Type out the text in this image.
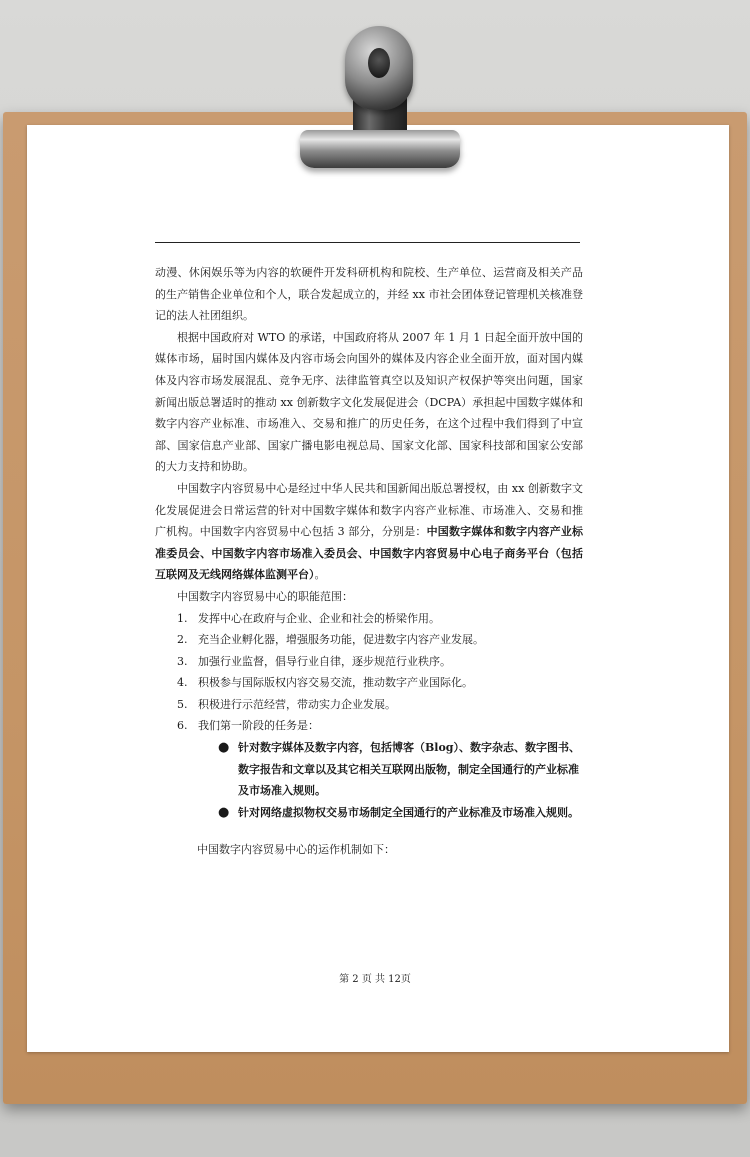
动漫、休闲娱乐等为内容的软硬件开发科研机构和院校、生产单位、运营商及相关产品的生产销售企业单位和个人，联合发起成立的，并经 xx 市社会团体登记管理机关核准登记的法人社团组织。

根据中国政府对 WTO 的承诺，中国政府将从 2007 年 1 月 1 日起全面开放中国的媒体市场，届时国内媒体及内容市场会向国外的媒体及内容企业全面开放，面对国内媒体及内容市场发展混乱、竞争无序、法律监管真空以及知识产权保护等突出问题，国家新闻出版总署适时的推动 xx 创新数字文化发展促进会（DCPA）承担起中国数字媒体和数字内容产业标准、市场准入、交易和推广的历史任务，在这个过程中我们得到了中宣部、国家信息产业部、国家广播电影电视总局、国家文化部、国家科技部和国家公安部的大力支持和协助。

中国数字内容贸易中心是经过中华人民共和国新闻出版总署授权，由 xx 创新数字文化发展促进会日常运营的针对中国数字媒体和数字内容产业标准、市场准入、交易和推广机构。中国数字内容贸易中心包括 3 部分，分别是：中国数字媒体和数字内容产业标准委员会、中国数字内容市场准入委员会、中国数字内容贸易中心电子商务平台（包括互联网及无线网络媒体监测平台）。

中国数字内容贸易中心的职能范围：

1. 发挥中心在政府与企业、企业和社会的桥梁作用。
2. 充当企业孵化器，增强服务功能，促进数字内容产业发展。
3. 加强行业监督，倡导行业自律，逐步规范行业秩序。
4. 积极参与国际版权内容交易交流，推动数字产业国际化。
5. 积极进行示范经营，带动实力企业发展。
6. 我们第一阶段的任务是：
● 针对数字媒体及数字内容，包括博客（Blog）、数字杂志、数字图书、数字报告和文章以及其它相关互联网出版物，制定全国通行的产业标准及市场准入规则。
● 针对网络虚拟物权交易市场制定全国通行的产业标准及市场准入规则。
中国数字内容贸易中心的运作机制如下：
第 2 页 共 12页
